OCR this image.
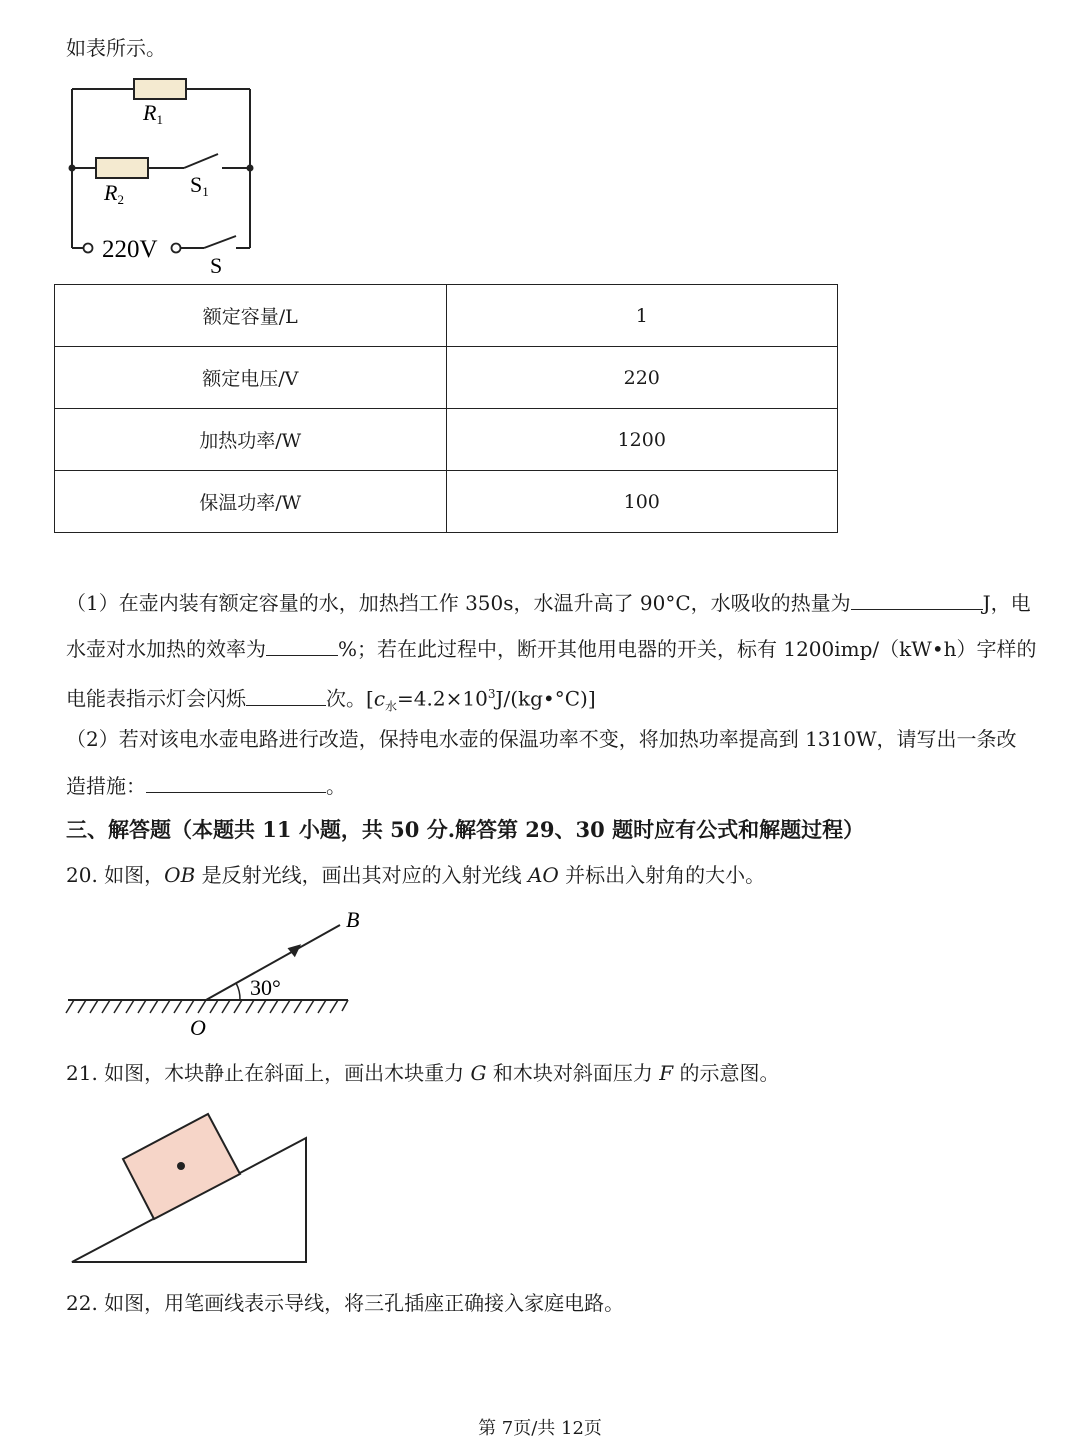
如表所示。
R1
R2
S1
220V
S
额定容量/L	1
额定电压/V	220
加热功率/W	1200
保温功率/W	100
（1）在壶内装有额定容量的水，加热挡工作 350s，水温升高了 90°C，水吸收的热量为	J，电
水壶对水加热的效率为	%；若在此过程中，断开其他用电器的开关，标有 1200imp/（kW•h）字样的
电能表指示灯会闪烁	次。$[c_水=4.2\times 10^3J/(kg•^\circ C)]$
（2）若对该电水壶电路进行改造，保持电水壶的保温功率不变，将加热功率提高到 1310W，请写出一条改
造措施：	。
三、解答题（本题共 11 小题，共 50 分.解答第 29、30 题时应有公式和解题过程）
20. 如图，OB 是反射光线，画出其对应的入射光线 AO 并标出入射角的大小。
B
O
30°
21. 如图，木块静止在斜面上，画出木块重力 G 和木块对斜面压力 F 的示意图。
22. 如图，用笔画线表示导线，将三孔插座正确接入家庭电路。
第 7页/共 12页
